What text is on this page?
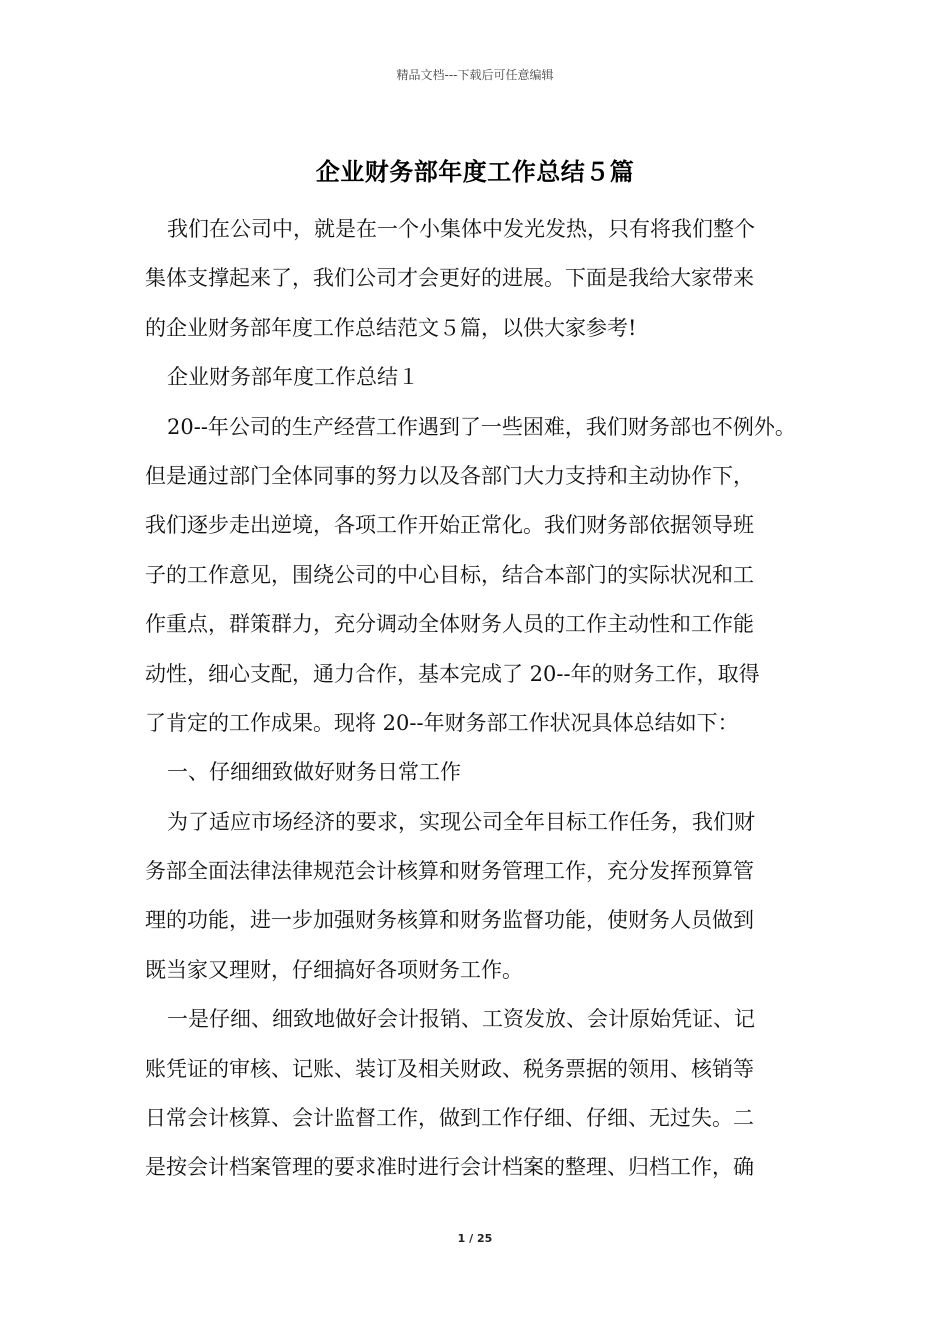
精品文档---下载后可任意编辑
企业财务部年度工作总结５篇
我们在公司中，就是在一个小集体中发光发热，只有将我们整个
集体支撑起来了，我们公司才会更好的进展。下面是我给大家带来
的企业财务部年度工作总结范文５篇，以供大家参考!
企业财务部年度工作总结１
20--年公司的生产经营工作遇到了一些困难，我们财务部也不例外。
但是通过部门全体同事的努力以及各部门大力支持和主动协作下，
我们逐步走出逆境，各项工作开始正常化。我们财务部依据领导班
子的工作意见，围绕公司的中心目标，结合本部门的实际状况和工
作重点，群策群力，充分调动全体财务人员的工作主动性和工作能
动性，细心支配，通力合作，基本完成了 20--年的财务工作，取得
了肯定的工作成果。现将 20--年财务部工作状况具体总结如下：
一、仔细细致做好财务日常工作
为了适应市场经济的要求，实现公司全年目标工作任务，我们财
务部全面法律法律规范会计核算和财务管理工作，充分发挥预算管
理的功能，进一步加强财务核算和财务监督功能，使财务人员做到
既当家又理财，仔细搞好各项财务工作。
一是仔细、细致地做好会计报销、工资发放、会计原始凭证、记
账凭证的审核、记账、装订及相关财政、税务票据的领用、核销等
日常会计核算、会计监督工作，做到工作仔细、仔细、无过失。二
是按会计档案管理的要求准时进行会计档案的整理、归档工作，确
1 / 25
